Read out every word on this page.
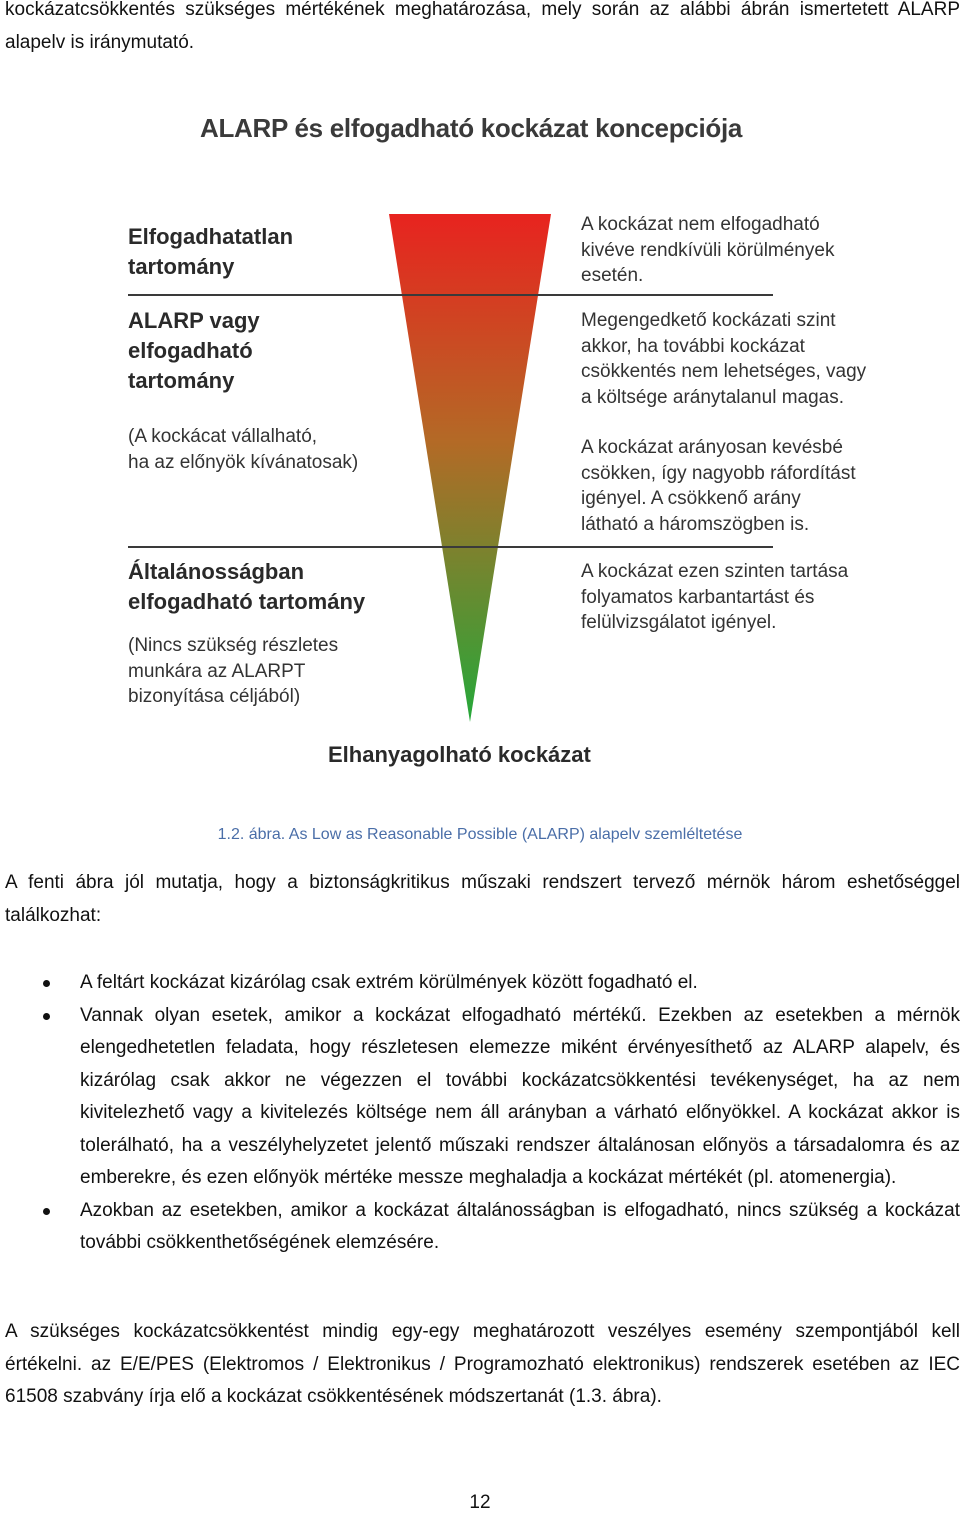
kockázatcsökkentés szükséges mértékének meghatározása, mely során az alábbi ábrán ismertetett ALARP alapelv is iránymutató.

ALARP és elfogadható kockázat koncepciója
Elfogadhatatlan
tartomány
ALARP vagy
elfogadható
tartomány
(A kockácat vállalható,
ha az előnyök kívánatosak)
Általánosságban
elfogadható tartomány
(Nincs szükség részletes
munkára az ALARPT
bizonyítása céljából)
A kockázat nem elfogadható
kivéve rendkívüli körülmények
esetén.
Megengedkető kockázati szint
akkor, ha további kockázat
csökkentés nem lehetséges, vagy
a költsége aránytalanul magas.
A kockázat arányosan kevésbé
csökken, így nagyobb ráfordítást
igényel. A csökkenő arány
látható a háromszögben is.
A kockázat ezen szinten tartása
folyamatos karbantartást és
felülvizsgálatot igényel.
Elhanyagolható kockázat
1.2. ábra. As Low as Reasonable Possible (ALARP) alapelv szemléltetése

A fenti ábra jól mutatja, hogy a biztonságkritikus műszaki rendszert tervező mérnök három eshetőséggel találkozhat:

A feltárt kockázat kizárólag csak extrém körülmények között fogadható el.
Vannak olyan esetek, amikor a kockázat elfogadható mértékű. Ezekben az esetekben a mérnök elengedhetetlen feladata, hogy részletesen elemezze miként érvényesíthető az ALARP alapelv, és kizárólag csak akkor ne végezzen el további kockázatcsökkentési tevékenységet, ha az nem kivitelezhető vagy a kivitelezés költsége nem áll arányban a várható előnyökkel. A kockázat akkor is tolerálható, ha a veszélyhelyzetet jelentő műszaki rendszer általánosan előnyös a társadalomra és az emberekre, és ezen előnyök mértéke messze meghaladja a kockázat mértékét (pl. atomenergia).
Azokban az esetekben, amikor a kockázat általánosságban is elfogadható, nincs szükség a kockázat további csökkenthetőségének elemzésére.

A szükséges kockázatcsökkentést mindig egy-egy meghatározott veszélyes esemény szempontjából kell értékelni. az E/E/PES (Elektromos / Elektronikus / Programozható elektronikus) rendszerek esetében az IEC 61508 szabvány írja elő a kockázat csökkentésének módszertanát (1.3. ábra).

12
